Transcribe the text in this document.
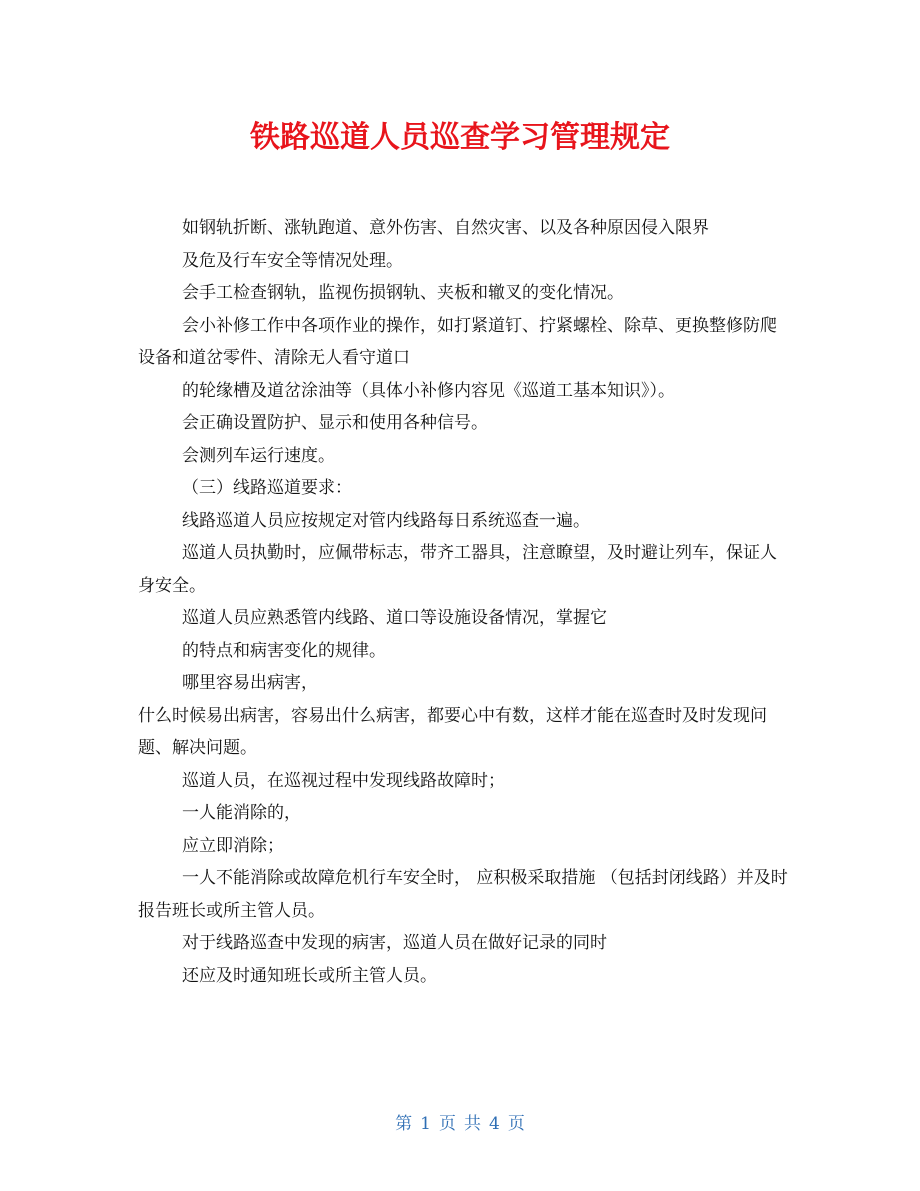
铁路巡道人员巡查学习管理规定

如钢轨折断、涨轨跑道、意外伤害、自然灾害、以及各种原因侵入限界

及危及行车安全等情况处理。

会手工检查钢轨，监视伤损钢轨、夹板和辙叉的变化情况。

会小补修工作中各项作业的操作，如打紧道钉、拧紧螺栓、除草、更换整修防爬设备和道岔零件、清除无人看守道口

的轮缘槽及道岔涂油等（具体小补修内容见《巡道工基本知识》）。

会正确设置防护、显示和使用各种信号。

会测列车运行速度。

（三）线路巡道要求：

线路巡道人员应按规定对管内线路每日系统巡查一遍。

巡道人员执勤时，应佩带标志，带齐工器具，注意瞭望，及时避让列车，保证人身安全。

巡道人员应熟悉管内线路、道口等设施设备情况，掌握它

的特点和病害变化的规律。

哪里容易出病害，

什么时候易出病害，容易出什么病害，都要心中有数，这样才能在巡查时及时发现问题、解决问题。

巡道人员，在巡视过程中发现线路故障时；

一人能消除的，

应立即消除；

一人不能消除或故障危机行车安全时， 应积极采取措施 （包括封闭线路）并及时报告班长或所主管人员。

对于线路巡查中发现的病害，巡道人员在做好记录的同时

还应及时通知班长或所主管人员。

第 1 页 共 4 页
